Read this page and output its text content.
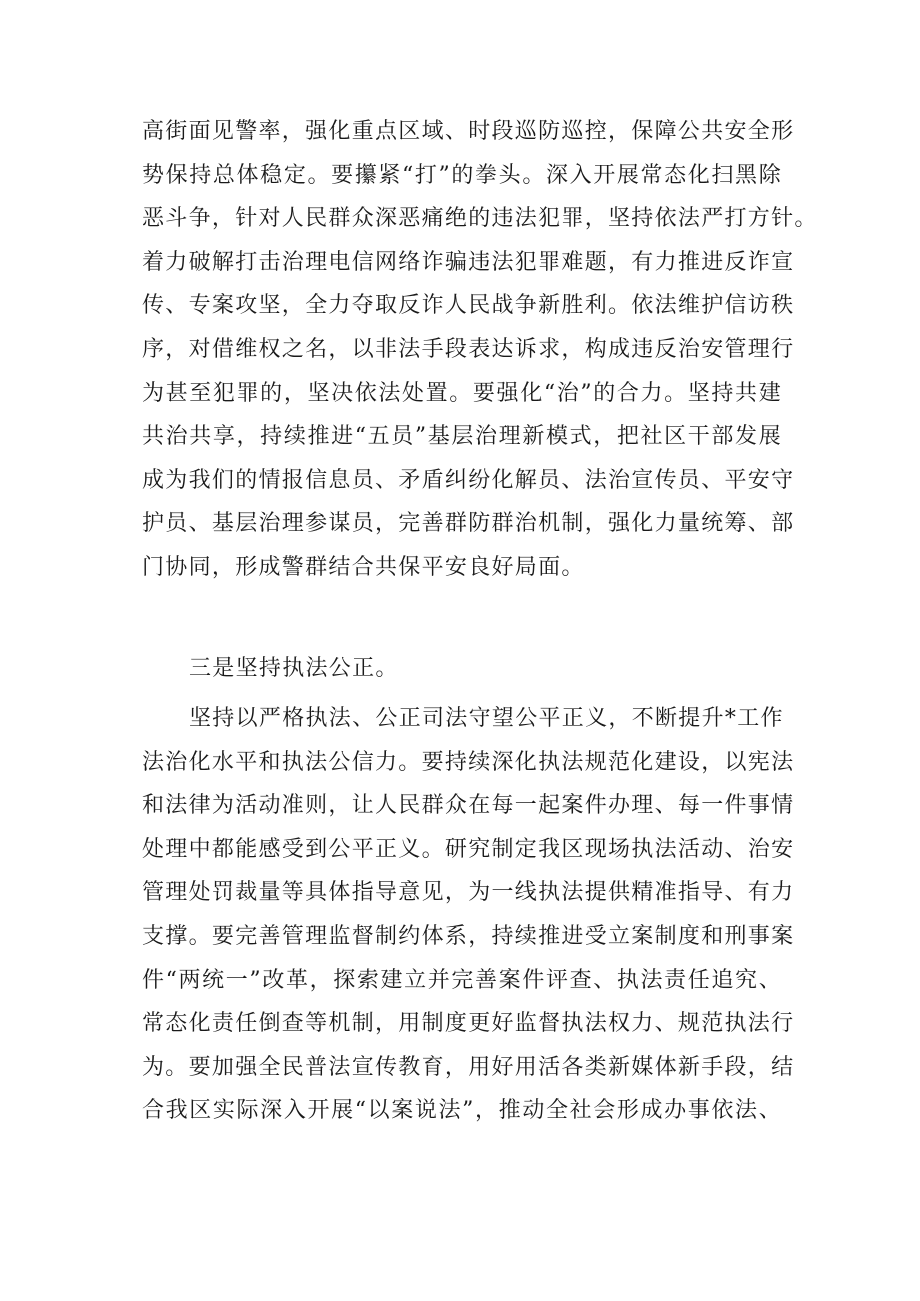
高街面见警率，强化重点区域、时段巡防巡控，保障公共安全形
势保持总体稳定。要攥紧“打”的拳头。深入开展常态化扫黑除
恶斗争，针对人民群众深恶痛绝的违法犯罪，坚持依法严打方针。
着力破解打击治理电信网络诈骗违法犯罪难题，有力推进反诈宣
传、专案攻坚，全力夺取反诈人民战争新胜利。依法维护信访秩
序，对借维权之名，以非法手段表达诉求，构成违反治安管理行
为甚至犯罪的，坚决依法处置。要强化“治”的合力。坚持共建
共治共享，持续推进“五员”基层治理新模式，把社区干部发展
成为我们的情报信息员、矛盾纠纷化解员、法治宣传员、平安守
护员、基层治理参谋员，完善群防群治机制，强化力量统筹、部
门协同，形成警群结合共保平安良好局面。
三是坚持执法公正。
坚持以严格执法、公正司法守望公平正义，不断提升*工作
法治化水平和执法公信力。要持续深化执法规范化建设，以宪法
和法律为活动准则，让人民群众在每一起案件办理、每一件事情
处理中都能感受到公平正义。研究制定我区现场执法活动、治安
管理处罚裁量等具体指导意见，为一线执法提供精准指导、有力
支撑。要完善管理监督制约体系，持续推进受立案制度和刑事案
件“两统一”改革，探索建立并完善案件评查、执法责任追究、
常态化责任倒查等机制，用制度更好监督执法权力、规范执法行
为。要加强全民普法宣传教育，用好用活各类新媒体新手段，结
合我区实际深入开展“以案说法”，推动全社会形成办事依法、
